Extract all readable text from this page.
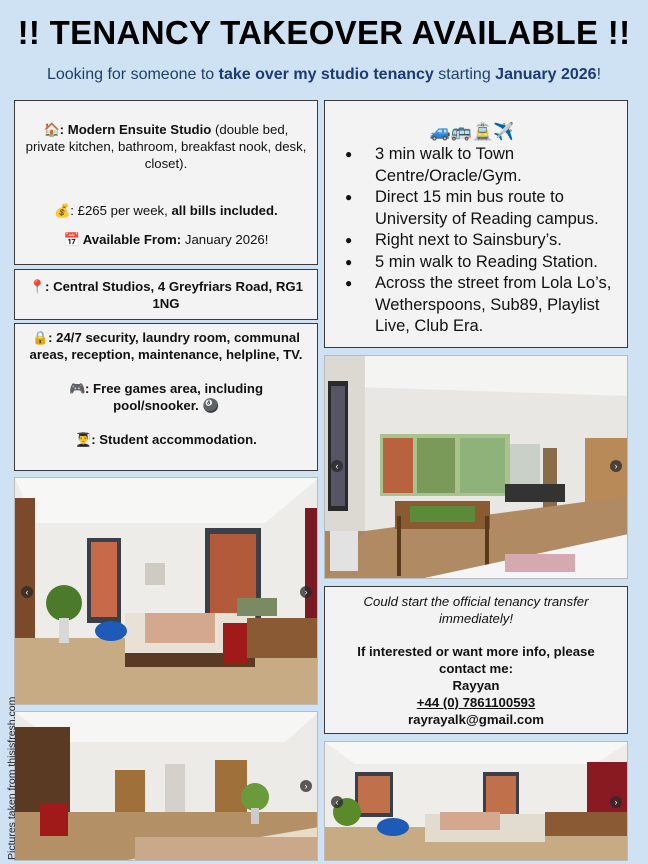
!! TENANCY TAKEOVER AVAILABLE !!
Looking for someone to take over my studio tenancy starting January 2026!
🏠: Modern Ensuite Studio (double bed, private kitchen, bathroom, breakfast nook, desk, closet).
💰: £265 per week, all bills included.
📅 Available From: January 2026!
📍: Central Studios, 4 Greyfriars Road, RG1 1NG
🔒: 24/7 security, laundry room, communal areas, reception, maintenance, helpline, TV.
🎮: Free games area, including pool/snooker. 🎱
👨‍🎓: Student accommodation.
🚙🚌🚊✈️
● 3 min walk to Town Centre/Oracle/Gym.
● Direct 15 min bus route to University of Reading campus.
● Right next to Sainsbury’s.
● 5 min walk to Reading Station.
● Across the street from Lola Lo’s, Wetherspoons, Sub89, Playlist Live, Club Era.
‹	›
Could start the official tenancy transfer immediately!
If interested or want more info, please contact me:
Rayyan
+44 (0) 7861100593
rayrayalk@gmail.com
‹	›
›
‹	›
Pictures taken from thisisfresh.com
